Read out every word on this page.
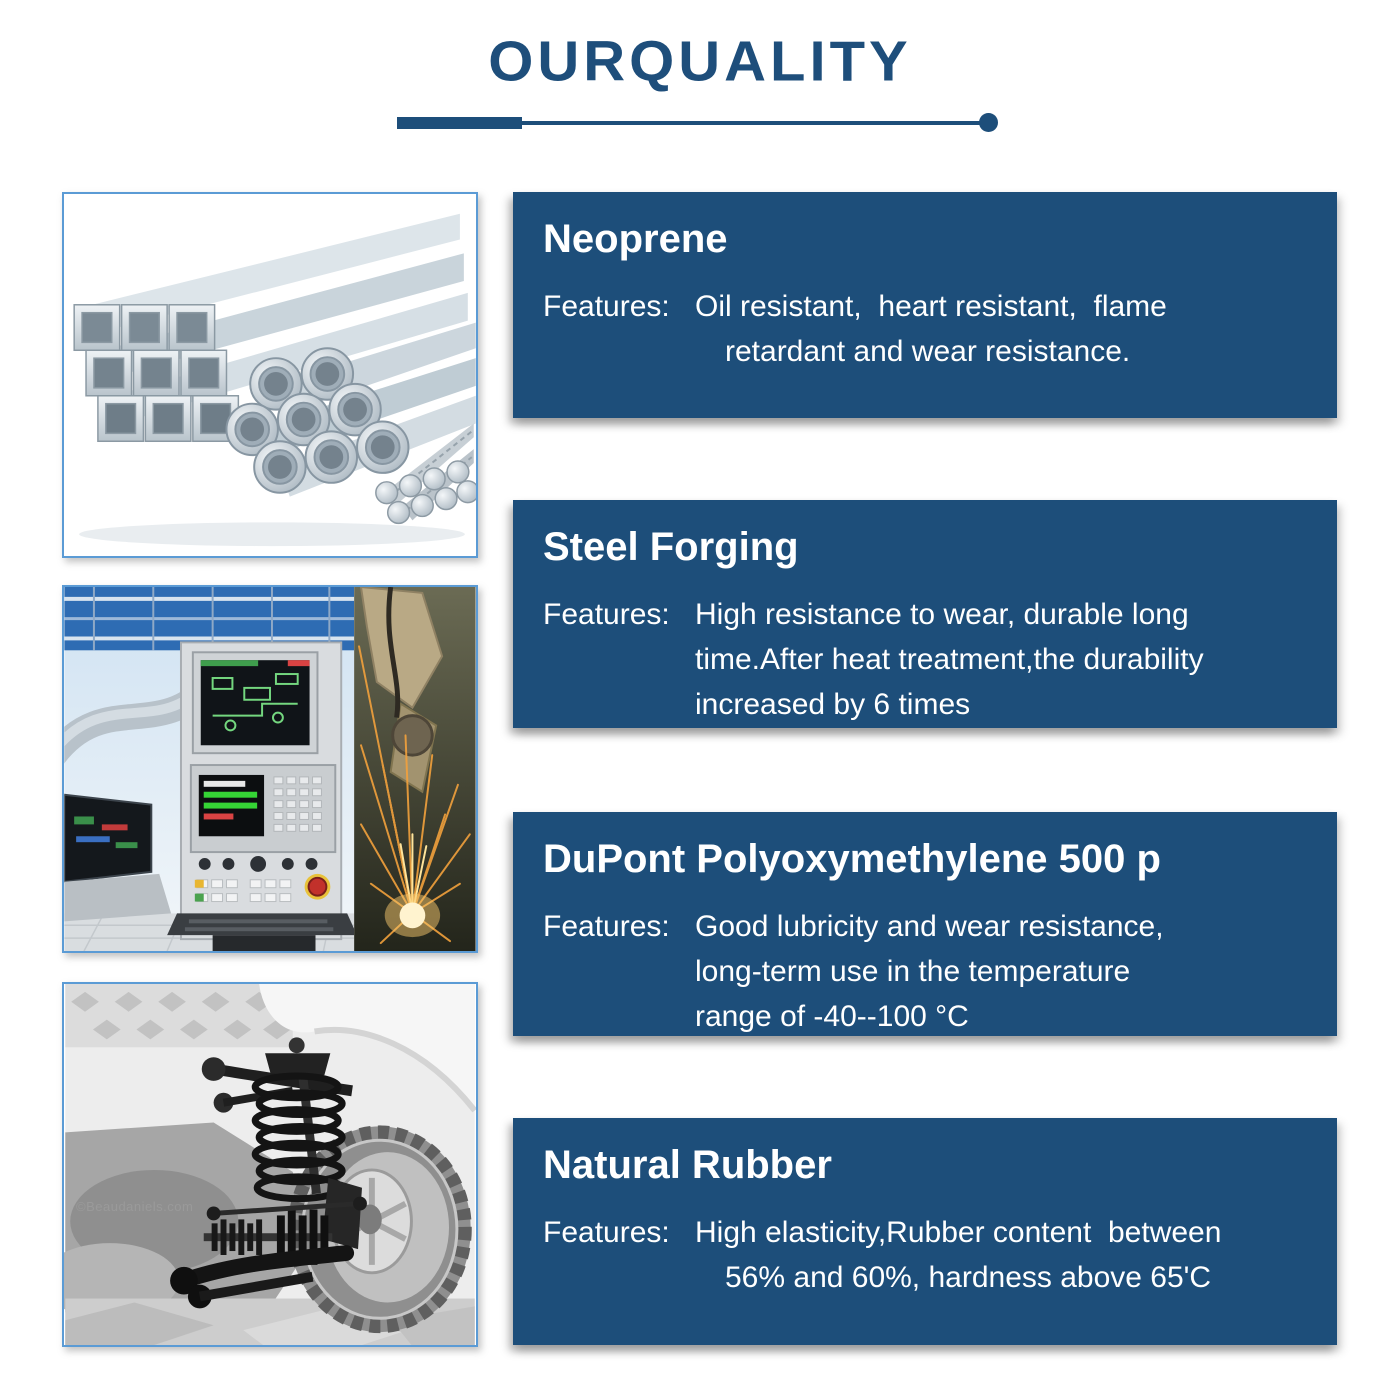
OURQUALITY
©Beaudaniels.com
Neoprene
Features: Oil resistant,  heart resistant,  flame
retardant and wear resistance.
Steel Forging
Features: High resistance to wear, durable long
time.After heat treatment,the durability
increased by 6 times
DuPont Polyoxymethylene 500 p
Features: Good lubricity and wear resistance,
long-term use in the temperature
range of -40--100 °C
Natural Rubber
Features: High elasticity,Rubber content  between
56% and 60%, hardness above 65'C
